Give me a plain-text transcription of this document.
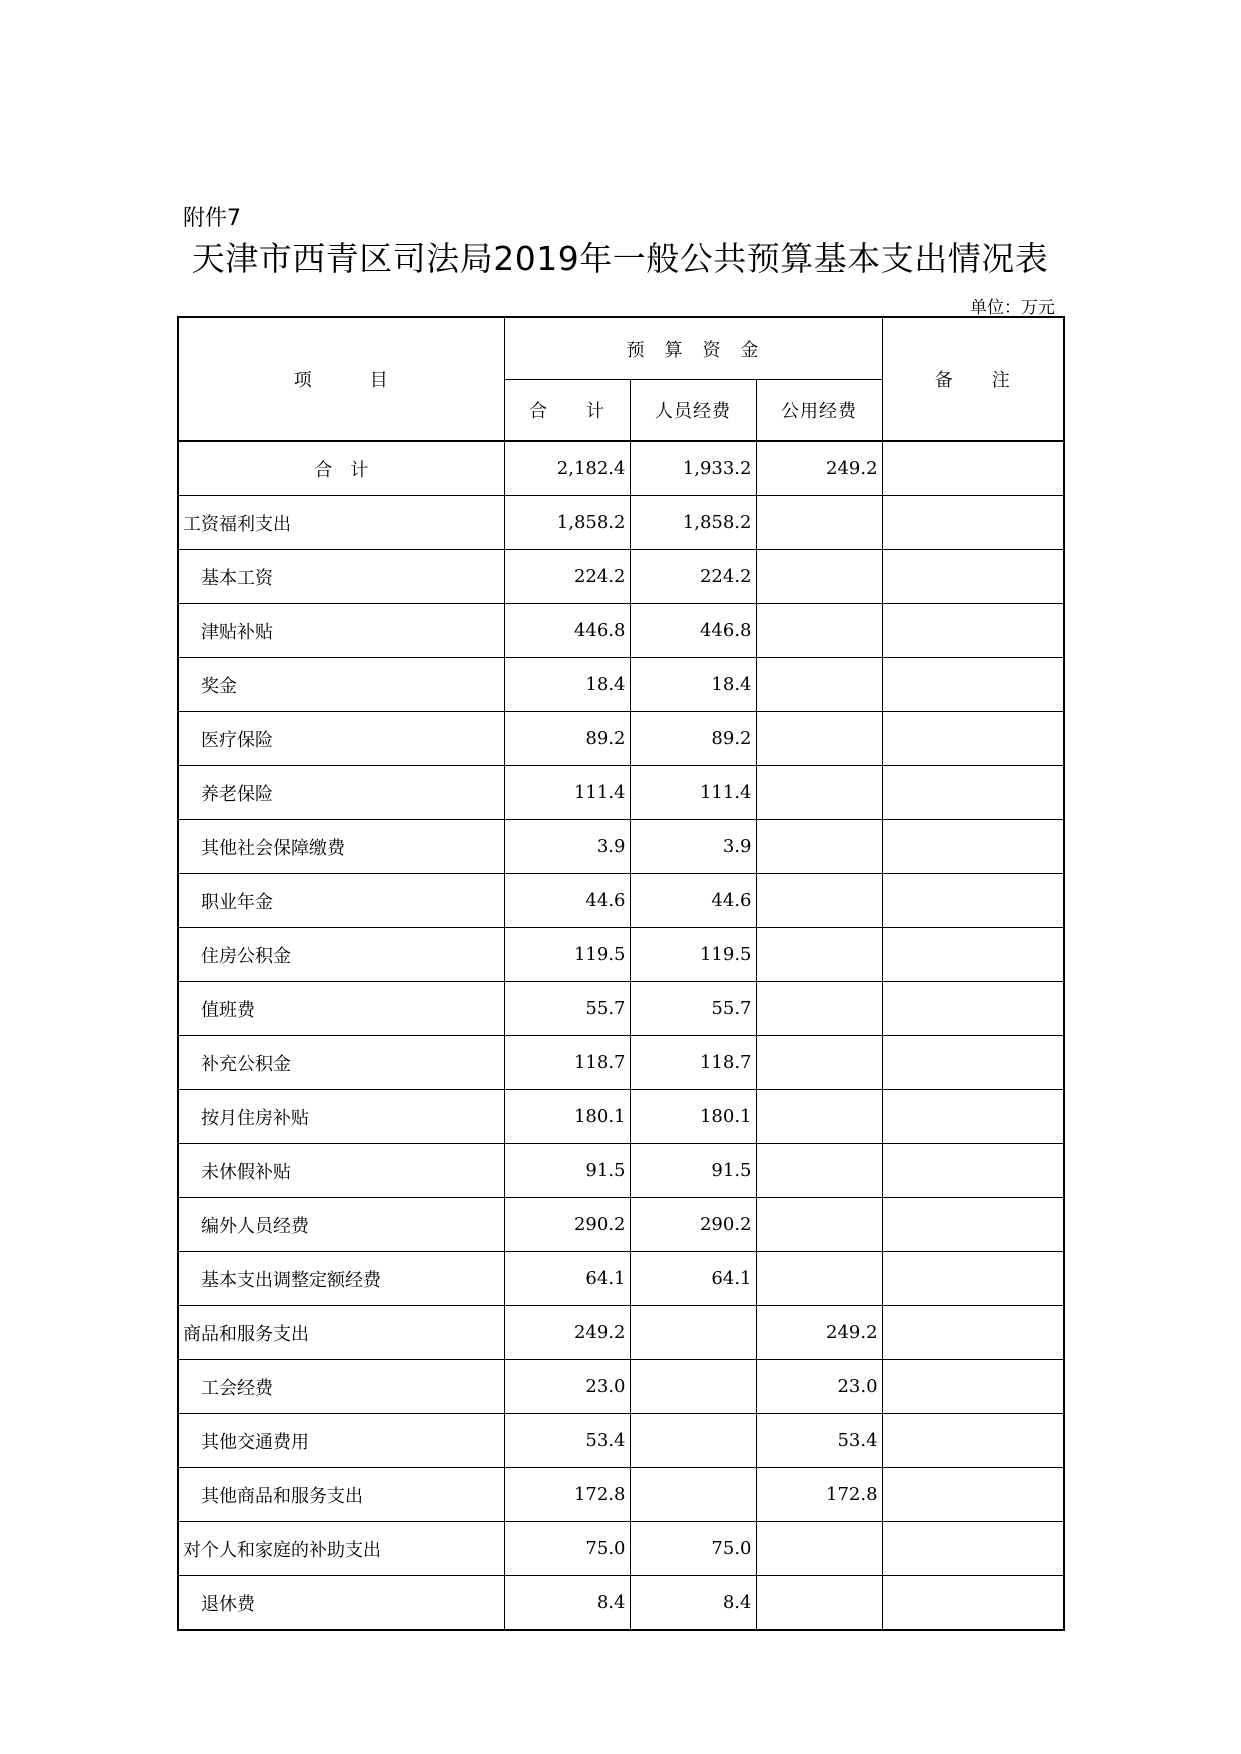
附件7
天津市西青区司法局2019年一般公共预算基本支出情况表
单位：万元
项　　　目	预　算　资　金			备　　注
	合　　计	人员经费	公用经费	
合　计	2,182.4	1,933.2	249.2	
工资福利支出	1,858.2	1,858.2		
基本工资	224.2	224.2		
津贴补贴	446.8	446.8		
奖金	18.4	18.4		
医疗保险	89.2	89.2		
养老保险	111.4	111.4		
其他社会保障缴费	3.9	3.9		
职业年金	44.6	44.6		
住房公积金	119.5	119.5		
值班费	55.7	55.7		
补充公积金	118.7	118.7		
按月住房补贴	180.1	180.1		
未休假补贴	91.5	91.5		
编外人员经费	290.2	290.2		
基本支出调整定额经费	64.1	64.1		
商品和服务支出	249.2		249.2	
工会经费	23.0		23.0	
其他交通费用	53.4		53.4	
其他商品和服务支出	172.8		172.8	
对个人和家庭的补助支出	75.0	75.0		
退休费	8.4	8.4		
